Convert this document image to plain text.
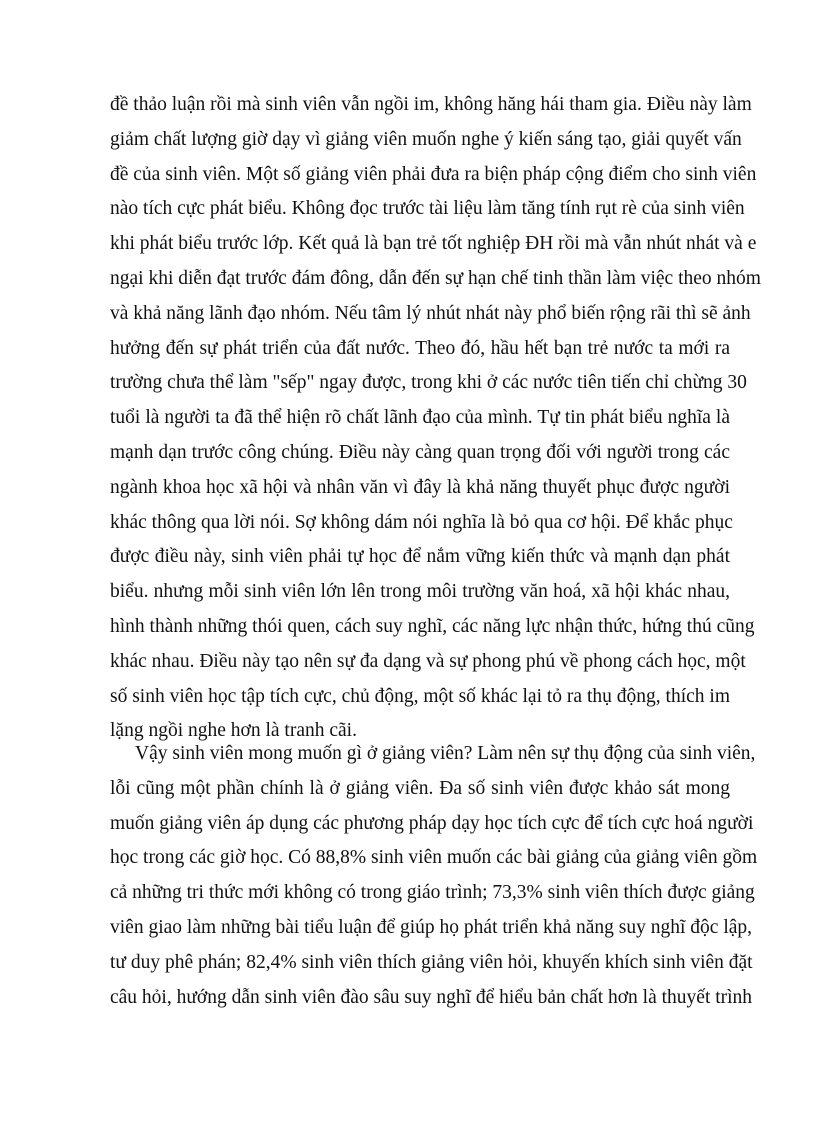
đề thảo luận rồi mà sinh viên vẫn ngồi im, không hăng hái tham gia. Điều này làm
giảm chất lượng giờ dạy vì giảng viên muốn nghe ý kiến sáng tạo, giải quyết vấn
đề của sinh viên. Một số giảng viên phải đưa ra biện pháp cộng điểm cho sinh viên
nào tích cực phát biểu. Không đọc trước tài liệu làm tăng tính rụt rè của sinh viên
khi phát biểu trước lớp. Kết quả là bạn trẻ tốt nghiệp ĐH rồi mà vẫn nhút nhát và e
ngại khi diễn đạt trước đám đông, dẫn đến sự hạn chế tinh thần làm việc theo nhóm
và khả năng lãnh đạo nhóm. Nếu tâm lý nhút nhát này phổ biến rộng rãi thì sẽ ảnh
hưởng đến sự phát triển của đất nước. Theo đó, hầu hết bạn trẻ nước ta mới ra
trường chưa thể làm "sếp" ngay được, trong khi ở các nước tiên tiến chỉ chừng 30
tuổi là người ta đã thể hiện rõ chất lãnh đạo của mình. Tự tin phát biểu nghĩa là
mạnh dạn trước công chúng. Điều này càng quan trọng đối với người trong các
ngành khoa học xã hội và nhân văn vì đây là khả năng thuyết phục được người
khác thông qua lời nói. Sợ không dám nói nghĩa là bỏ qua cơ hội. Để khắc phục
được điều này, sinh viên phải tự học để nắm vững kiến thức và mạnh dạn phát
biểu. nhưng mỗi sinh viên lớn lên trong môi trường văn hoá, xã hội khác nhau,
hình thành những thói quen, cách suy nghĩ, các năng lực nhận thức, hứng thú cũng
khác nhau. Điều này tạo nên sự đa dạng và sự phong phú về phong cách học, một
số sinh viên học tập tích cực, chủ động, một số khác lại tỏ ra thụ động, thích im
lặng ngồi nghe hơn là tranh cãi.
Vậy sinh viên mong muốn gì ở giảng viên? Làm nên sự thụ động của sinh viên,
lỗi cũng một phần chính là ở giảng viên. Đa số sinh viên được khảo sát mong
muốn giảng viên áp dụng các phương pháp dạy học tích cực để tích cực hoá người
học trong các giờ học. Có 88,8% sinh viên muốn các bài giảng của giảng viên gồm
cả những tri thức mới không có trong giáo trình; 73,3% sinh viên thích được giảng
viên giao làm những bài tiểu luận để giúp họ phát triển khả năng suy nghĩ độc lập,
tư duy phê phán; 82,4% sinh viên thích giảng viên hỏi, khuyến khích sinh viên đặt
câu hỏi, hướng dẫn sinh viên đào sâu suy nghĩ để hiểu bản chất hơn là thuyết trình
